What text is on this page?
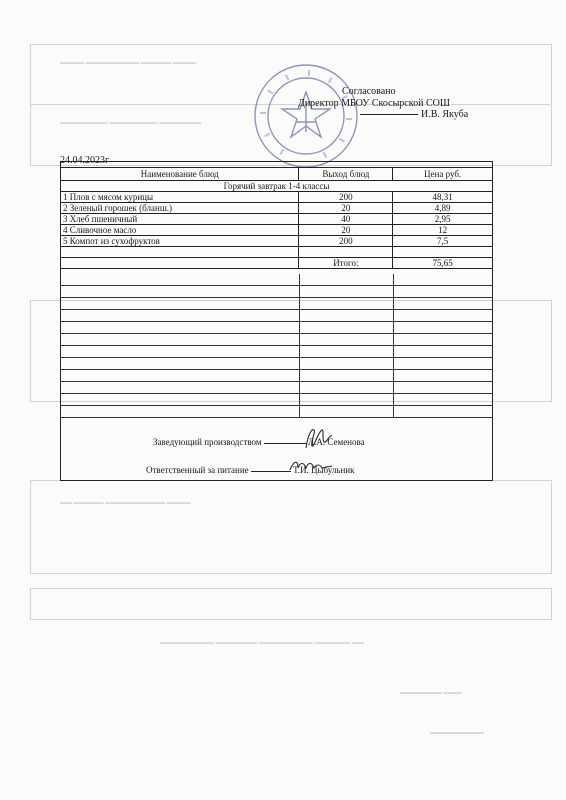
▬▬▬▬ ▬▬▬▬▬ ▬▬▬▬▬▬▬▬▬ ▬▬▬▬
▬▬▬▬▬▬▬ ▬▬▬▬▬▬▬▬ ▬▬▬▬▬▬▬▬
▬▬▬▬ ▬▬▬▬▬▬▬▬▬▬ ▬▬▬▬▬ ▬▬
▬▬ ▬▬▬▬▬▬ ▬▬▬▬▬▬▬▬▬ ▬▬▬▬▬▬▬ ▬▬▬▬▬▬▬▬▬
▬▬▬ ▬▬▬▬▬▬▬
▬▬▬▬▬▬▬▬▬
Согласовано
Директор МБОУ Скосырской СОШ
И.В. Якуба
24.04.2023г
Наименование блюд	Выход блюд	Цена руб.
Горячий завтрак 1-4 классы		
1 Плов с мясом курицы	200	48,31
2 Зеленый горошек (бланш.)	20	4,89
3 Хлеб пшеничный	40	2,95
4 Сливочное масло	20	12
5 Компот из сухофруктов	200	7,5

	Итого:	75,65
Заведующий производством	Л.А. Семенова
Ответственный за питание	Т.И. Цыбульник
